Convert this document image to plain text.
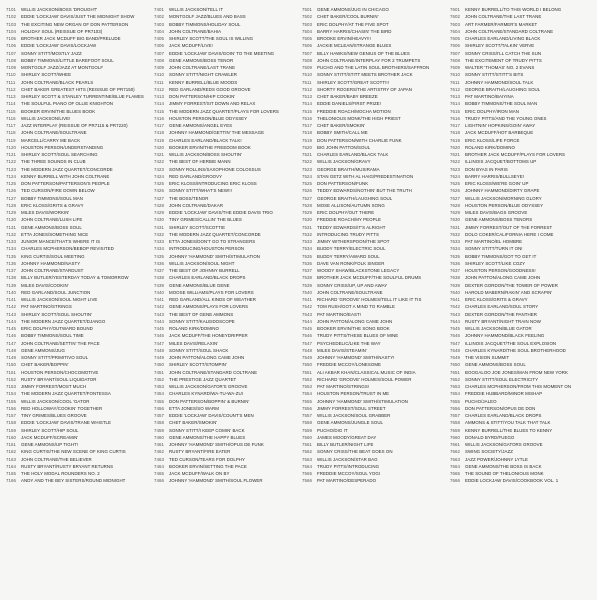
7101	WILLIS JACKSON/BOSS 'DROUGHT'
7102	EDDIE 'LOCKJAW' DAVIS/JUST THE MIDNIGHT SHOW
7103	THE EXCITING NEW ORGAN OF DON PATTERSON
7104	HOLIDAY SOUL (REISSUE OF PR7103)
7105	BROTHER JACK MCDUFF BIG BAND/PRELUDE
7106	EDDIE 'LOCKJAW' DAVIS/LOCKJAW
7107	SONNY STITT/MOSTLY JAZZ
7108	BOBBY TIMMONS/LITTLE BAREFOOT SOUL
7109	MONTGOLF JAZZ/JAZZ AT MONTGOLF
7110	SHIRLEY SCOTT/WHEE
7111	JOHN COLTRANE/BLACK PEARLS
7112	CHET BAKER GREATEST HITS (REISSUE OF PR7150)
7113	SHIRLEY SCOTT & STANLEY TURRENTINE/BLUE FLAMES
7114	THE SOULFUL PIANO OF OLLIE KNIGHTON
7115	BOOKER ERVIN/THE BLUES BOOK
7116	WILLIS JACKSON/LIVE!
7117	JAZZ INTERPLAY (REISSUE OF PR7115 & PR7220)
7118	JOHN COLTRANE/SOULTRANE
7119	MARCELL/CARRY ME BACK
7120	HOUSTON PERSON/UNDERSTANDING
7121	SHIRLEY SCOTT/SOUL SEARCHING
7122	THE THREE SOUNDS IN CLUB
7123	THE MODERN JAZZ QUARTET/CONCORDE
7124	KENNY BURRELL WITH JOHN COLTRANE
7125	DON PATTERSON/PATTERSON'S PEOPLE
7126	TED CURSON/FIRE DOWN BELOW
7127	BOBBY TIMMONS/SOUL MAN
7128	ERIC KLOSS/GRITS & GRAVY
7129	MILES DAVIS/WORKIN'
7130	JOHN COLTRANE/LUSH LIFE
7131	GENE AMMONS/BOSS SOUL
7132	ETTA JONES/SOMETHING NICE
7133	JUNIOR MANCE/THAT'S WHERE IT IS
7134	CHARLES MCPHERSON/BEBOP REVISITED
7135	KING CURTIS/SOUL MEETING
7136	JOHNNY HAMMOND/NASTY
7137	JOHN COLTRANE/STARDUST
7138	BILLY BUTLER/YESTERDAY TODAY & TOMORROW
7139	MILES DAVIS/COOKIN'
7140	RED GARLAND/SOUL JUNCTION
7141	WILLIS JACKSON/SOUL NIGHT LIVE
7142	PAT MARTINO/STRINGS
7143	SHIRLEY SCOTT/SOUL SHOUTIN'
7144	THE MODERN JAZZ QUARTET/DJANGO
7145	ERIC DOLPHY/OUTWARD BOUND
7146	BOBBY TIMMONS/SOUL TIME
7147	JOHN COLTRANE/SETTIN' THE PACE
7148	GENE AMMONS/JUG
7149	SONNY STITT/PRIMITIVO SOUL
7150	CHET BAKER/BOPPIN'
7151	HOUSTON PERSON/CHOCOMOTIVE
7152	RUSTY BRYANT/SOUL LIQUIDATOR
7153	JIMMY FORREST/MOST MUCH
7154	THE MODERN JAZZ QUARTET/FONTESSA
7155	WILLIS JACKSON/COOL 'GATOR
7156	RED HOLLOWAY/COOKIN' TOGETHER
7157	TINY GRIMES/BLUES GROOVE
7158	EDDIE 'LOCKJAW' DAVIS/TRANE WHISTLE
7159	SHIRLEY SCOTT/HIP SOUL
7160	JACK MCDUFF/SCREAMIN'
7161	GENE AMMONS/UP TIGHT!
7162	KING CURTIS/THE NEW SCENE OF KING CURTIS
7163	JOHN COLTRANE/THE BELIEVER
7164	RUSTY BRYANT/RUSTY BRYANT RETURNS
7165	THE HOLY MODAL ROUNDERS NO. 2
7166	ANDY AND THE BEY SISTERS/ROUND MIDNIGHT
7401	WILLIS JACKSON/TELL IT
7402	MONTGOLF JAZZ/BLUES AND BASS
7403	BOBBY TIMMONS/HOLIDAY SOUL
7404	JOHN COLTRANE/BAHIA
7405	SHIRLEY SCOTT/THE SOUL IS WILLING
7406	JACK MCDUFF/LIVE!
7407	EDDIE 'LOCKJAW' DAVIS/GOIN' TO THE MEETING
7408	GENE AMMONS/BOSS TENOR
7409	JOHN COLTRANE/LAST TRANE
7410	SONNY STITT/NIGHT CRAWLER
7411	KENNY BURRELL/BLUE MOODS
7412	RED GARLAND/REDS GOOD GROOVE
7413	DON PATTERSON/HIP COOKIN'
7414	JIMMY FORREST/SIT DOWN AND RELAX
7415	THE MODERN JAZZ QUARTET/PLAYS FOR LOVERS
7416	HOUSTON PERSON/BLUE ODYSSEY
7417	GENE AMMONS/ANGEL EYES
7418	JOHNNY HAMMOND/GETTIN' THE MESSAGE
7419	CHARLES EARLAND/BLACK TALK!
7420	BOOKER ERVIN/THE FREEDOM BOOK
7421	WILLIS JACKSON/BOSS SHOUTIN'
7422	THE BEST OF HERBIE MANN
7423	SONNY ROLLINS/SAXOPHONE COLOSSUS
7424	RED GARLAND/GROOVY
7425	ERIC KLOSS/INTRODUCING ERIC KLOSS
7426	SONNY STITT/WHAT'S NEW!!!
7427	THE BOSS/TENOR
7428	JOHN COLTRANE/DAKAR
7429	EDDIE 'LOCKJAW' DAVIS/THE EDDIE DAVIS TRIO
7430	TINY GRIMES/CALLIN' THE BLUES
7431	SHIRLEY SCOTT/SCOTTIE
7432	THE MODERN JAZZ QUARTET/CONCORDE
7433	ETTA JONES/DON'T GO TO STRANGERS
7434	INTRODUCING/HOUSTON PERSON
7435	JOHNNY 'HAMMOND' SMITH/STIMULATION
7436	WILLIS JACKSON/SOUL NIGHT
7437	THE BEST OF JOHNNY BURRELL
7438	CHARLES EARLAND/BLACK DROPS
7439	GENE AMMONS/BLUE GENE
7440	MOOSE WILLIAMS/PLAYS FOR LOVERS
7441	RED GARLAND/ALL KINDS OF WEATHER
7442	GENE AMMONS/PLAYS FOR LOVERS
7443	THE BEST OF GENE AMMONS
7444	SONNY STITT/KALEIDOSCOPE
7445	ROLAND KIRK/DOMINO
7446	JACK MCDUFF/THE HONEYDRIPPER
7447	MILES DAVIS/RELAXIN'
7448	SONNY STITT/SOUL SHACK
7449	JOHN PATTON/ALONG CAME JOHN
7450	SHIRLEY SCOTT/STOMPIN'
7451	JOHN COLTRANE/STANDARD COLTRANE
7452	THE PRESTIGE JAZZ QUARTET
7453	WILLIS JACKSON/GATOR'S GROOVE
7454	CHARLES KYNARD/WA-TU-WA-ZUI
7455	DON PATTERSON/BOPPIN' & BURNIN'
7456	ETTA JONES/SO WARM
7457	EDDIE 'LOCKJAW' DAVIS/COUNT'S MEN
7458	CHET BAKER/SMOKIN'
7459	SONNY STITT/I KEEP COMIN' BACK
7460	GENE AMMONS/THE HAPPY BLUES
7461	JOHNNY 'HAMMOND' SMITH/OPUS DE FUNK
7462	RUSTY BRYANT/FIRE EATER
7463	TED CURSON/TEARS FOR DOLPHY
7464	BOOKER ERVIN/SETTING THE PACE
7465	JACK MCDUFF/WALK ON BY
7466	JOHNNY 'HAMMOND' SMITH/SOUL FLOWER
7501	GENE AMMONS/JUG IN CHICAGO
7502	CHET BAKER/COOL BURNIN'
7503	ERIC DOLPHY/AT THE FIVE SPOT
7504	BARRY HARRIS/CHASIN' THE BIRD
7505	BROOKE ERVIN/HEAVY!!!
7506	JACKIE MCLEAN/STRANGE BLUES
7507	BILLY HAWKS/NEW GENIUS OF THE BLUES
7508	JOHN COLTRANE/INTERPLAY FOR 2 TRUMPETS
7509	PUCHO AND THE LATIN SOUL BROTHERS/SAFFRON
7510	SONNY STITT/STITT MEETS BROTHER JACK
7511	SHIRLEY SCOTT/GREAT SCOTT!!!
7512	SHORTY ROGERS/THE ARTISTRY OF JAPAN
7513	CHET BAKER/BABY BREEZE
7514	EDDIE DANIELS/FIRST PRIZE!
7515	FREDDIE ROACH/MOCHA MOTION
7516	THELONIOUS MONK/THE HIGH PRIEST
7517	CHET BAKER/SMOKIN'
7518	BOBBY SMITH/CALL ME
7519	DON PATTERSON/WITH CHARLIE FUNK
7520	BIG JOHN PATTON/SOUL
7521	CHARLES EARLAND/BLACK TALK
7522	WILLIS JACKSON/GRAVY
7523	GEORGE BRAITH/MUSIRAMA
7524	STAN GETZ WITH AL HAIG/PREDESTINATION
7525	DON PATTERSON/FUNK
7526	TEDDY EDWARDS/NOTHIN' BUT THE TRUTH
7527	GEORGE BRAITH/LAUGHING SOUL
7528	MOSE ALLISON/AUTUMN SONG
7529	ERIC DOLPHY/OUT THERE
7530	FREDDIE ROACH/MY PEOPLE
7531	TEDDY EDWARDS/IT'S ALRIGHT
7532	INTRODUCING TRUDY PITTS
7533	JIMMY WITHERSPOON/THE SPOT
7534	BUDDY TERRY/ELECTRIC SOUL
7535	BUDDY TERRY/AWARD SOUL
7536	DAVE VAN RONK/FOLK SINGER
7537	WOODY SHAW/BLACKSTONE LEGACY
7538	BROTHER JACK MCDUFF/THE SOULFUL DRUMS
7539	SONNY CRISS/UP, UP AND AWAY
7540	JOHN COLTRANE/SOULTRANE
7541	RICHARD 'GROOVE' HOLMES/TELL IT LIKE IT TIS
7542	TOM RUSH/GOT A MIND TO RAMBLE
7543	PAT MARTINO/EAST!
7544	JOHN PATTON/ALONG CAME JOHN
7545	BOOKER ERVIN/THE SONG BOOK
7546	TRUDY PITTS/THESE BLUES OF MINE
7547	PSYCHEDELIC/LIKE THE WAY
7548	MILES DAVIS/STEAMIN'
7549	JOHNNY 'HAMMOND' SMITH/NASTY!
7550	FREDDIE MCCOY/LONESOME
7551	ALI AKBAR KHAN/CLASSICAL MUSIC OF INDIA
7552	RICHARD 'GROOVE' HOLMES/SOUL POWER
7553	PAT MARTINO/STRINGS!
7554	HOUSTON PERSON/TRUST IN ME
7555	JOHNNY 'HAMMOND' SMITH/STIMULATION
7556	JIMMY FORREST/SOUL STREET
7557	WILLIS JACKSON/SOUL GRABBER
7558	GENE AMMONS/JUNGLE SOUL
7559	PUCHO/DIG IT
7560	JAMES MOODY/GREAT DAY
7561	BILLY BUTLER/NIGHT LIFE
7562	SONNY CRISS/THE BEAT GOES ON
7563	WILLIS JACKSON/STAR BAG
7564	TRUDY PITTS/INTRODUCING
7565	FREDDIE MCCOY/SOUL YOGI
7566	PAT MARTINO/DESPERADO
7601	KENNY BURRELL/TO THIS WORLD I BELONG
7602	JOHN COLTRANE/THE LAST TRANE
7603	ART FARMER/FARMER'S MARKET
7604	JOHN COLTRANE/STANDARD COLTRANE
7605	CHARLES EARLAND/LIVING BLACK
7606	SHIRLEY SCOTT/TALKIN' VERVE
7607	SONNY CRISS/I'LL CATCH THE SUN
7608	THE EXCITEMENT OF TRUDY PITTS
7609	WALTER 'THOMAS' NO. 2 EVANS
7610	SONNY STITT/STITT'S BITS
7611	JOHNNY HAMMOND/SOUL TALK
7612	GEORGE BRAITH/LAUGHING SOUL
7613	PAT MARTINO/BAIYINA
7614	BOBBY TIMMONS/THE SOUL MAN
7615	ERIC DOLPHY/IRON MAN
7616	TRUDY PITTS/AND THE YOUNG ONES
7617	LIGHTNIN' HOPKINS/GOIN' AWAY
7618	JACK MCDUFF/HOT BARBEQUE
7619	ERIC KLOSS/LIFE FORCE
7620	ROLAND KIRK/DOMINO
7621	BROTHER JACK MCDUFF/PLAYS FOR LOVERS
7622	ILLINOIS JACQUET/BOTTOMS UP
7623	DON BYAS IN PARIS
7624	BARRY HARRIS/BULLSEYE!
7625	ERIC KLOSS/WE'RE GOIN' UP
7626	JOHNNY HAMMOND/DIRTY GRAPE
7627	WILLIS JACKSON/MORNING GLORY
7628	HOUSTON PERSON/BLUE ODYSSEY
7629	MILES DAVIS/BAGS GROOVE
7630	GENE AMMONS/BOSS TENORS
7631	JIMMY FORREST/OUT OF THE FORREST
7632	DOLO COKER/CALIFORNIA HERE I COME
7633	PAT MARTINO/EL HOMBRE
7634	SONNY STITT/TURN IT ON!
7635	BOBBY TIMMONS/GOT TO GET IT
7636	SHIRLEY SCOTT/LIKE COZY
7637	HOUSTON PERSON/GOODNESS!
7638	JOHN PATTON/ALONG CAME JOHN
7639	DEXTER GORDON/THE TOWER OF POWER
7640	HAROLD MABERN/RAKIN' AND SCRAPIN'
7641	ERIC KLOSS/GRITS & GRAVY
7642	CHARLES EARLAND/SOUL STORY
7643	DEXTER GORDON/THE PANTHER
7644	RUSTY BRYANT/NIGHT TRAIN NOW
7645	WILLIS JACKSON/BLUE GATOR
7646	JOHNNY HAMMOND/BLACK FEELING
7647	ILLINOIS JACQUET/THE SOUL EXPLOSION
7648	CHARLES KYNARD/THE SOUL BROTHERHOOD
7649	THE VISION SUMMIT
7650	GENE AMMONS/BOSS SOUL
7651	BOOGALOO JOE JONES/MAN FROM NEW YORK
7652	SONNY STITT/SOUL ELECTRICITY
7653	CHARLES MCPHERSON/FROM THIS MOMENT ON
7654	FREDDIE HUBBARD/MINOR MISHAP
7655	PUCHO/JALEO
7656	DON PATTERSON/OPUS DE DON
7657	CHARLES EARLAND/BLACK DROPS
7658	AMMONS & STITT/YOU TALK THAT TALK
7659	KENNY BURRELL/THE BLUES TO KENNY
7660	DONALD BYRD/FUEGO
7661	WILLIS JACKSON/GATORS GROOVE
7662	SWING SOCIETY/JAZZ
7663	JAZZ POWER/JOHNNY LYTLE
7664	GENE AMMONS/THE BOSS IS BACK
7665	THE SOUND OF THELONIOUS MONK
7666	EDDIE LOCKJAW DAVIS/COOKBOOK VOL. 1
